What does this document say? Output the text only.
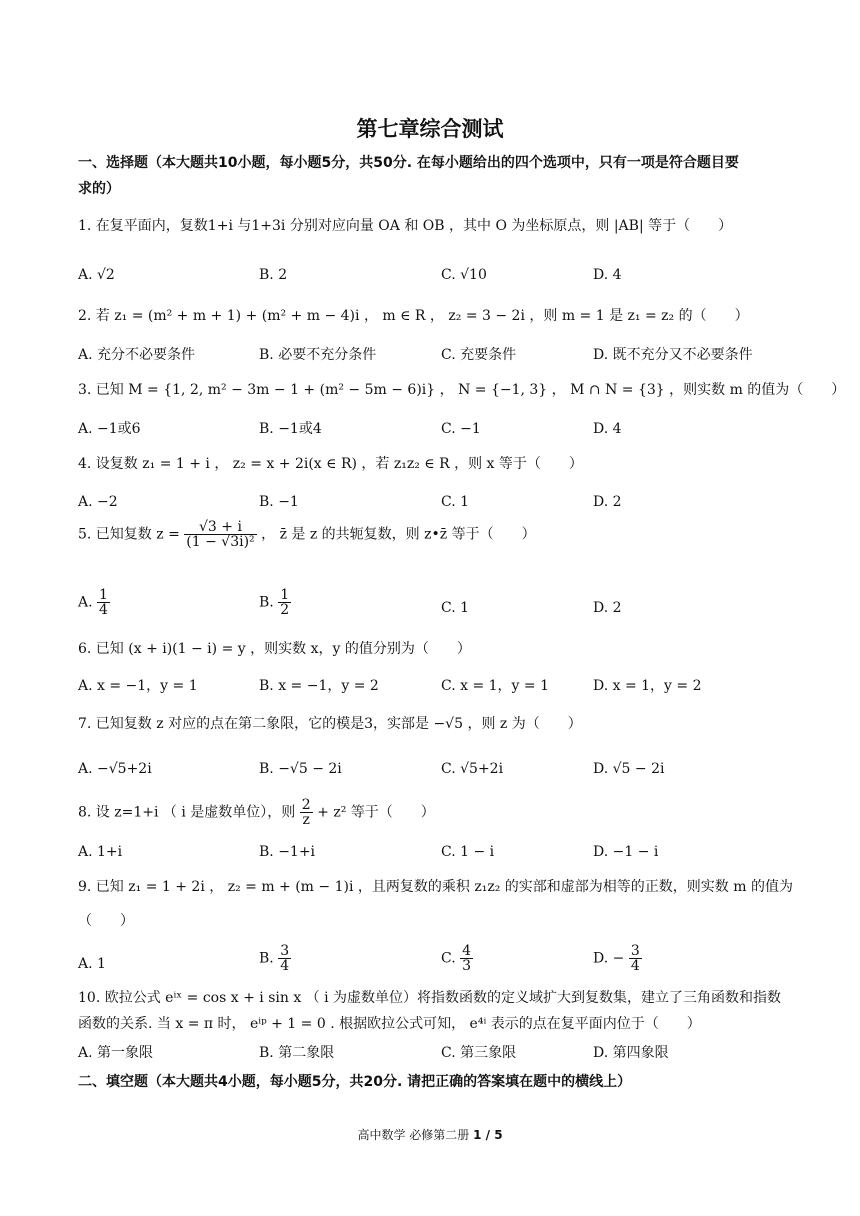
第七章综合测试
一、选择题（本大题共10小题，每小题5分，共50分. 在每小题给出的四个选项中，只有一项是符合题目要
求的）
1. 在复平面内，复数1+i 与1+3i 分别对应向量 OA 和 OB ，其中 O 为坐标原点，则 |AB| 等于（　　）
A. √2	B. 2	C. √10	D. 4
2. 若 z₁ = (m² + m + 1) + (m² + m − 4)i ， m ∈ R ， z₂ = 3 − 2i ，则 m = 1 是 z₁ = z₂ 的（　　）
A. 充分不必要条件	B. 必要不充分条件	C. 充要条件	D. 既不充分又不必要条件
3. 已知 M = {1, 2, m² − 3m − 1 + (m² − 5m − 6)i} ， N = {−1, 3} ， M ∩ N = {3} ，则实数 m 的值为（　　）
A. −1或6	B. −1或4	C. −1	D. 4
4. 设复数 z₁ = 1 + i ， z₂ = x + 2i(x ∈ R) ，若 z₁z₂ ∈ R ，则 x 等于（　　）
A. −2	B. −1	C. 1	D. 2
5. 已知复数 $z = \frac{√3 + i}{\text{(1 − √3i)²}}$ ， z̄ 是 z 的共轭复数，则 z•z̄ 等于（　　）
A. $\frac{1}{4}$	B. $\frac{1}{2}$	C. 1	D. 2
6. 已知 (x + i)(1 − i) = y ，则实数 x，y 的值分别为（　　）
A. x = −1，y = 1	B. x = −1，y = 2	C. x = 1，y = 1	D. x = 1，y = 2
7. 已知复数 z 对应的点在第二象限，它的模是3，实部是 −√5 ，则 z 为（　　）
A. −√5+2i	B. −√5 − 2i	C. √5+2i	D. √5 − 2i
8. 设 z=1+i （ i 是虚数单位），则 $\frac{2}{z} + z^2$ 等于（　　）
A. 1+i	B. −1+i	C. 1 − i	D. −1 − i
9. 已知 z₁ = 1 + 2i ， z₂ = m + (m − 1)i ，且两复数的乘积 z₁z₂ 的实部和虚部为相等的正数，则实数 m 的值为
（　　）
A. 1	B. $\frac{3}{4}$	C. $\frac{4}{3}$	D. − $\frac{3}{4}$
10. 欧拉公式 eⁱˣ = cos x + i sin x （ i 为虚数单位）将指数函数的定义域扩大到复数集，建立了三角函数和指数
函数的关系. 当 x = π 时， eⁱᵖ + 1 = 0 . 根据欧拉公式可知， e⁴ⁱ 表示的点在复平面内位于（　　）
A. 第一象限	B. 第二象限	C. 第三象限	D. 第四象限
二、填空题（本大题共4小题，每小题5分，共20分. 请把正确的答案填在题中的横线上）
高中数学 必修第二册 1 / 5
